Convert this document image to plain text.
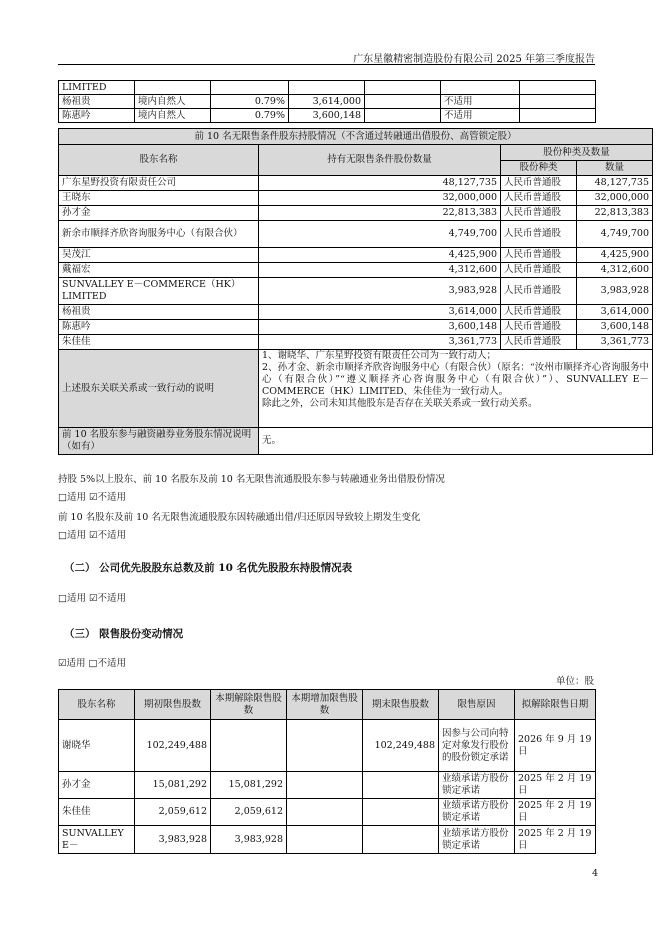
广东星徽精密制造股份有限公司 2025 年第三季度报告
LIMITED						
杨祖贵	境内自然人	0.79%	3,614,000		不适用	
陈惠吟	境内自然人	0.79%	3,600,148		不适用	
前 10 名无限售条件股东持股情况（不含通过转融通出借股份、高管锁定股）			
股东名称	持有无限售条件股份数量	股份种类及数量	
		股份种类	数量
广东星野投资有限责任公司	48,127,735	人民币普通股	48,127,735
王晓东	32,000,000	人民币普通股	32,000,000
孙才金	22,813,383	人民币普通股	22,813,383
新余市顺择齐欣咨询服务中心（有限合伙）	4,749,700	人民币普通股	4,749,700
吴茂江	4,425,900	人民币普通股	4,425,900
戴福宏	4,312,600	人民币普通股	4,312,600
SUNVALLEY E－COMMERCE（HK）LIMITED	3,983,928	人民币普通股	3,983,928
杨祖贵	3,614,000	人民币普通股	3,614,000
陈惠吟	3,600,148	人民币普通股	3,600,148
朱佳佳	3,361,773	人民币普通股	3,361,773
上述股东关联关系或一致行动的说明	1、谢晓华、广东星野投资有限责任公司为一致行动人；
2、孙才金、新余市顺择齐欣咨询服务中心（有限合伙）（原名：“汝州市顺择齐心咨询服务中心（有限合伙）”“遵义顺择齐心咨询服务中心（有限合伙）”）、SUNVALLEY E－COMMERCE（HK）LIMITED、朱佳佳为一致行动人。
除此之外，公司未知其他股东是否存在关联关系或一致行动关系。		
前 10 名股东参与融资融券业务股东情况说明（如有）	无。		
持股 5%以上股东、前 10 名股东及前 10 名无限售流通股股东参与转融通业务出借股份情况
□适用 ☑不适用
前 10 名股东及前 10 名无限售流通股股东因转融通出借/归还原因导致较上期发生变化
□适用 ☑不适用
（二） 公司优先股股东总数及前 10 名优先股股东持股情况表
□适用 ☑不适用
（三） 限售股份变动情况
☑适用 □不适用
单位：股
股东名称	期初限售股数	本期解除限售股数	本期增加限售股数	期末限售股数	限售原因	拟解除限售日期
谢晓华	102,249,488			102,249,488	因参与公司向特定对象发行股份的股份锁定承诺	2026 年 9 月 19 日
孙才金	15,081,292	15,081,292			业绩承诺方股份锁定承诺	2025 年 2 月 19 日
朱佳佳	2,059,612	2,059,612			业绩承诺方股份锁定承诺	2025 年 2 月 19 日
SUNVALLEY E－	3,983,928	3,983,928			业绩承诺方股份锁定承诺	2025 年 2 月 19 日
4
